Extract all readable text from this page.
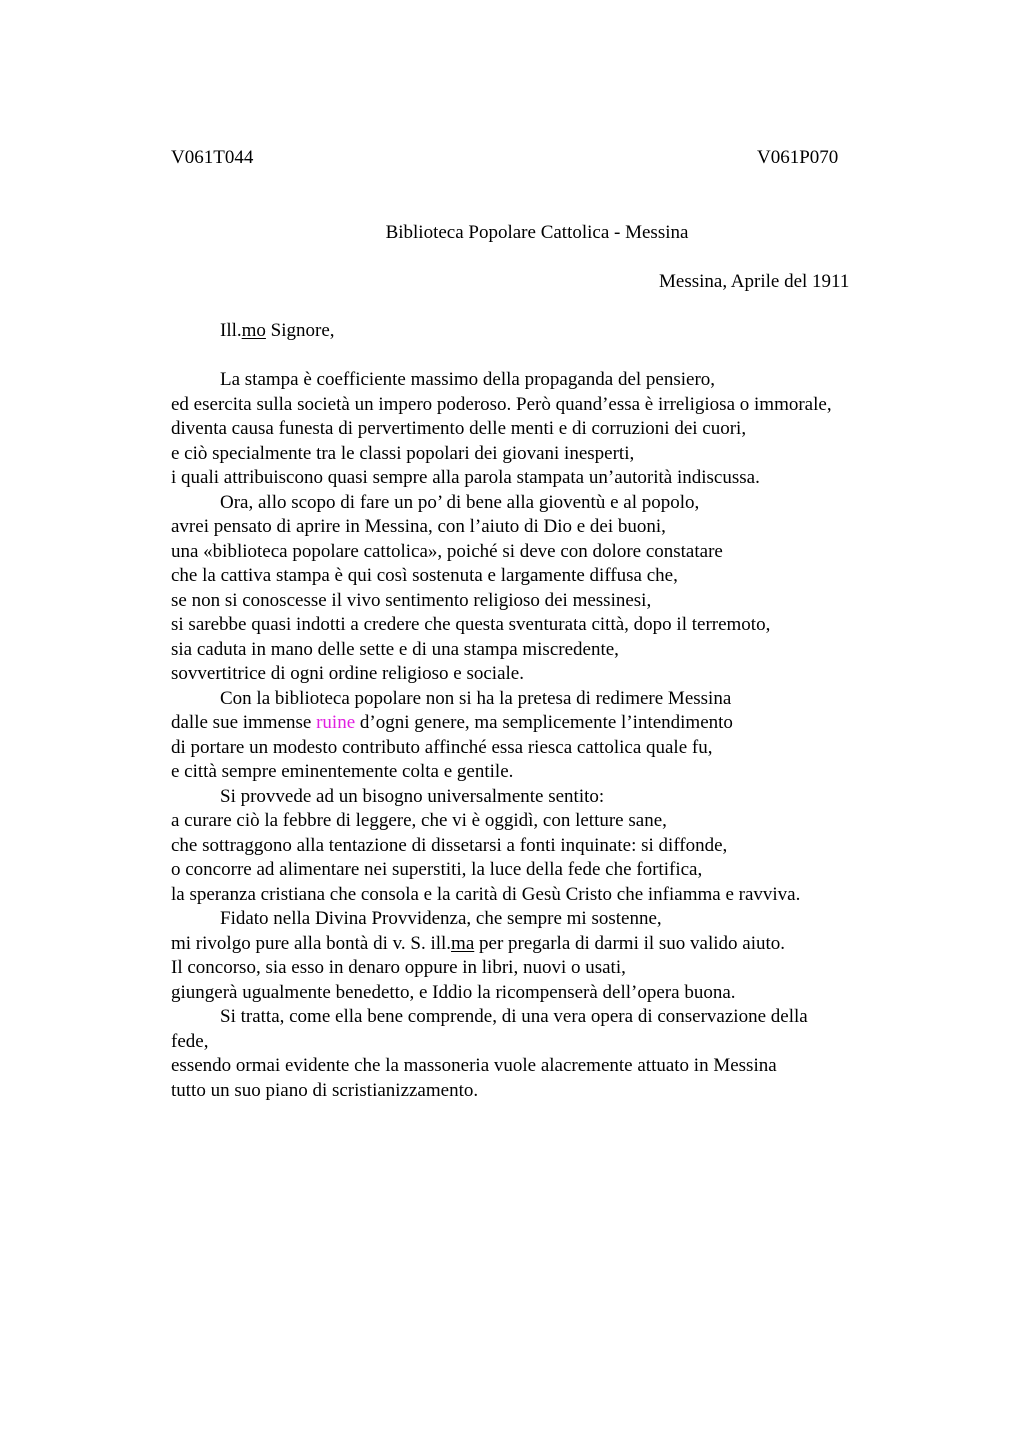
V061T044	V061P070
Biblioteca Popolare Cattolica - Messina
Messina, Aprile del 1911
Ill.mo Signore,
La stampa è coefficiente massimo della propaganda del pensiero,
ed esercita sulla società un impero poderoso. Però quand’essa è irreligiosa o immorale,
diventa causa funesta di pervertimento delle menti e di corruzioni dei cuori,
e ciò specialmente tra le classi popolari dei giovani inesperti,
i quali attribuiscono quasi sempre alla parola stampata un’autorità indiscussa.
Ora, allo scopo di fare un po’ di bene alla gioventù e al popolo,
avrei pensato di aprire in Messina, con l’aiuto di Dio e dei buoni,
una «biblioteca popolare cattolica», poiché si deve con dolore constatare
che la cattiva stampa è qui così sostenuta e largamente diffusa che,
se non si conoscesse il vivo sentimento religioso dei messinesi,
si sarebbe quasi indotti a credere che questa sventurata città, dopo il terremoto,
sia caduta in mano delle sette e di una stampa miscredente,
sovvertitrice di ogni ordine religioso e sociale.
Con la biblioteca popolare non si ha la pretesa di redimere Messina
dalle sue immense ruine d’ogni genere, ma semplicemente l’intendimento
di portare un modesto contributo affinché essa riesca cattolica quale fu,
e città sempre eminentemente colta e gentile.
Si provvede ad un bisogno universalmente sentito:
a curare ciò la febbre di leggere, che vi è oggidì, con letture sane,
che sottraggono alla tentazione di dissetarsi a fonti inquinate: si diffonde,
o concorre ad alimentare nei superstiti, la luce della fede che fortifica,
la speranza cristiana che consola e la carità di Gesù Cristo che infiamma e ravviva.
Fidato nella Divina Provvidenza, che sempre mi sostenne,
mi rivolgo pure alla bontà di v. S. ill.ma per pregarla di darmi il suo valido aiuto.
Il concorso, sia esso in denaro oppure in libri, nuovi o usati,
giungerà ugualmente benedetto, e Iddio la ricompenserà dell’opera buona.
Si tratta, come ella bene comprende, di una vera opera di conservazione della
fede,
essendo ormai evidente che la massoneria vuole alacremente attuato in Messina
tutto un suo piano di scristianizzamento.
